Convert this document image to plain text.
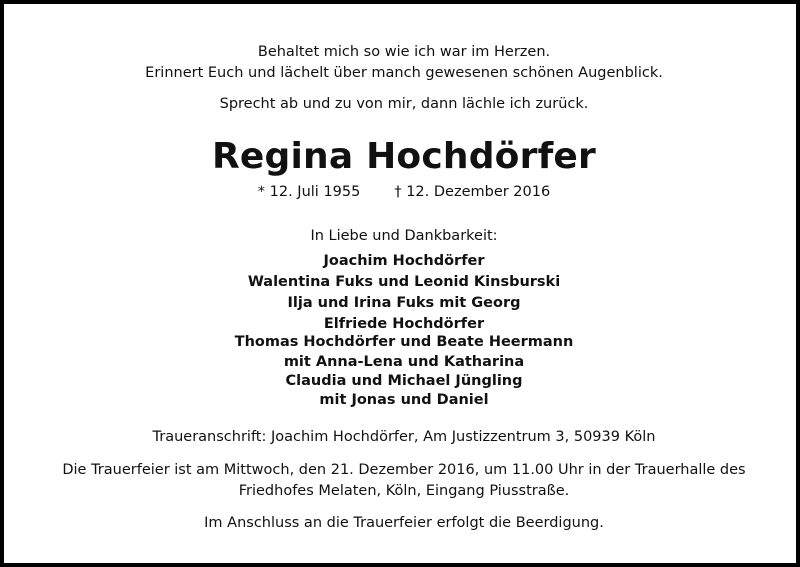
Behaltet mich so wie ich war im Herzen.
Erinnert Euch und lächelt über manch gewesenen schönen Augenblick.
Sprecht ab und zu von mir, dann lächle ich zurück.
Regina Hochdörfer
* 12. Juli 1955 † 12. Dezember 2016
In Liebe und Dankbarkeit:
Joachim Hochdörfer
Walentina Fuks und Leonid Kinsburski
Ilja und Irina Fuks mit Georg
Elfriede Hochdörfer
Thomas Hochdörfer und Beate Heermann
mit Anna-Lena und Katharina
Claudia und Michael Jüngling
mit Jonas und Daniel
Traueranschrift: Joachim Hochdörfer, Am Justizzentrum 3, 50939 Köln
Die Trauerfeier ist am Mittwoch, den 21. Dezember 2016, um 11.00 Uhr in der Trauerhalle des
Friedhofes Melaten, Köln, Eingang Piusstraße.
Im Anschluss an die Trauerfeier erfolgt die Beerdigung.
